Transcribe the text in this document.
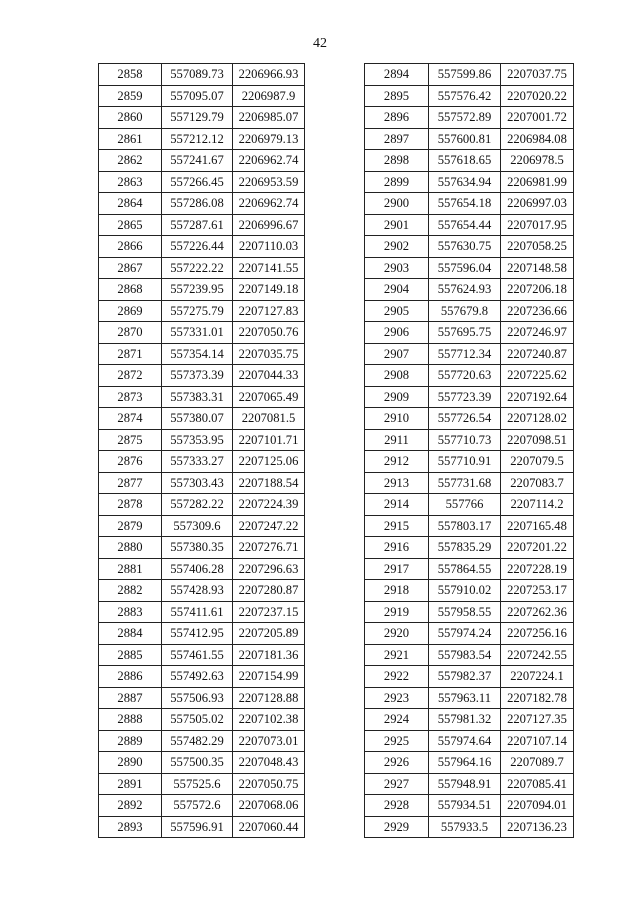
42
2858	557089.73	2206966.93
2859	557095.07	2206987.9
2860	557129.79	2206985.07
2861	557212.12	2206979.13
2862	557241.67	2206962.74
2863	557266.45	2206953.59
2864	557286.08	2206962.74
2865	557287.61	2206996.67
2866	557226.44	2207110.03
2867	557222.22	2207141.55
2868	557239.95	2207149.18
2869	557275.79	2207127.83
2870	557331.01	2207050.76
2871	557354.14	2207035.75
2872	557373.39	2207044.33
2873	557383.31	2207065.49
2874	557380.07	2207081.5
2875	557353.95	2207101.71
2876	557333.27	2207125.06
2877	557303.43	2207188.54
2878	557282.22	2207224.39
2879	557309.6	2207247.22
2880	557380.35	2207276.71
2881	557406.28	2207296.63
2882	557428.93	2207280.87
2883	557411.61	2207237.15
2884	557412.95	2207205.89
2885	557461.55	2207181.36
2886	557492.63	2207154.99
2887	557506.93	2207128.88
2888	557505.02	2207102.38
2889	557482.29	2207073.01
2890	557500.35	2207048.43
2891	557525.6	2207050.75
2892	557572.6	2207068.06
2893	557596.91	2207060.44
2894	557599.86	2207037.75
2895	557576.42	2207020.22
2896	557572.89	2207001.72
2897	557600.81	2206984.08
2898	557618.65	2206978.5
2899	557634.94	2206981.99
2900	557654.18	2206997.03
2901	557654.44	2207017.95
2902	557630.75	2207058.25
2903	557596.04	2207148.58
2904	557624.93	2207206.18
2905	557679.8	2207236.66
2906	557695.75	2207246.97
2907	557712.34	2207240.87
2908	557720.63	2207225.62
2909	557723.39	2207192.64
2910	557726.54	2207128.02
2911	557710.73	2207098.51
2912	557710.91	2207079.5
2913	557731.68	2207083.7
2914	557766	2207114.2
2915	557803.17	2207165.48
2916	557835.29	2207201.22
2917	557864.55	2207228.19
2918	557910.02	2207253.17
2919	557958.55	2207262.36
2920	557974.24	2207256.16
2921	557983.54	2207242.55
2922	557982.37	2207224.1
2923	557963.11	2207182.78
2924	557981.32	2207127.35
2925	557974.64	2207107.14
2926	557964.16	2207089.7
2927	557948.91	2207085.41
2928	557934.51	2207094.01
2929	557933.5	2207136.23
